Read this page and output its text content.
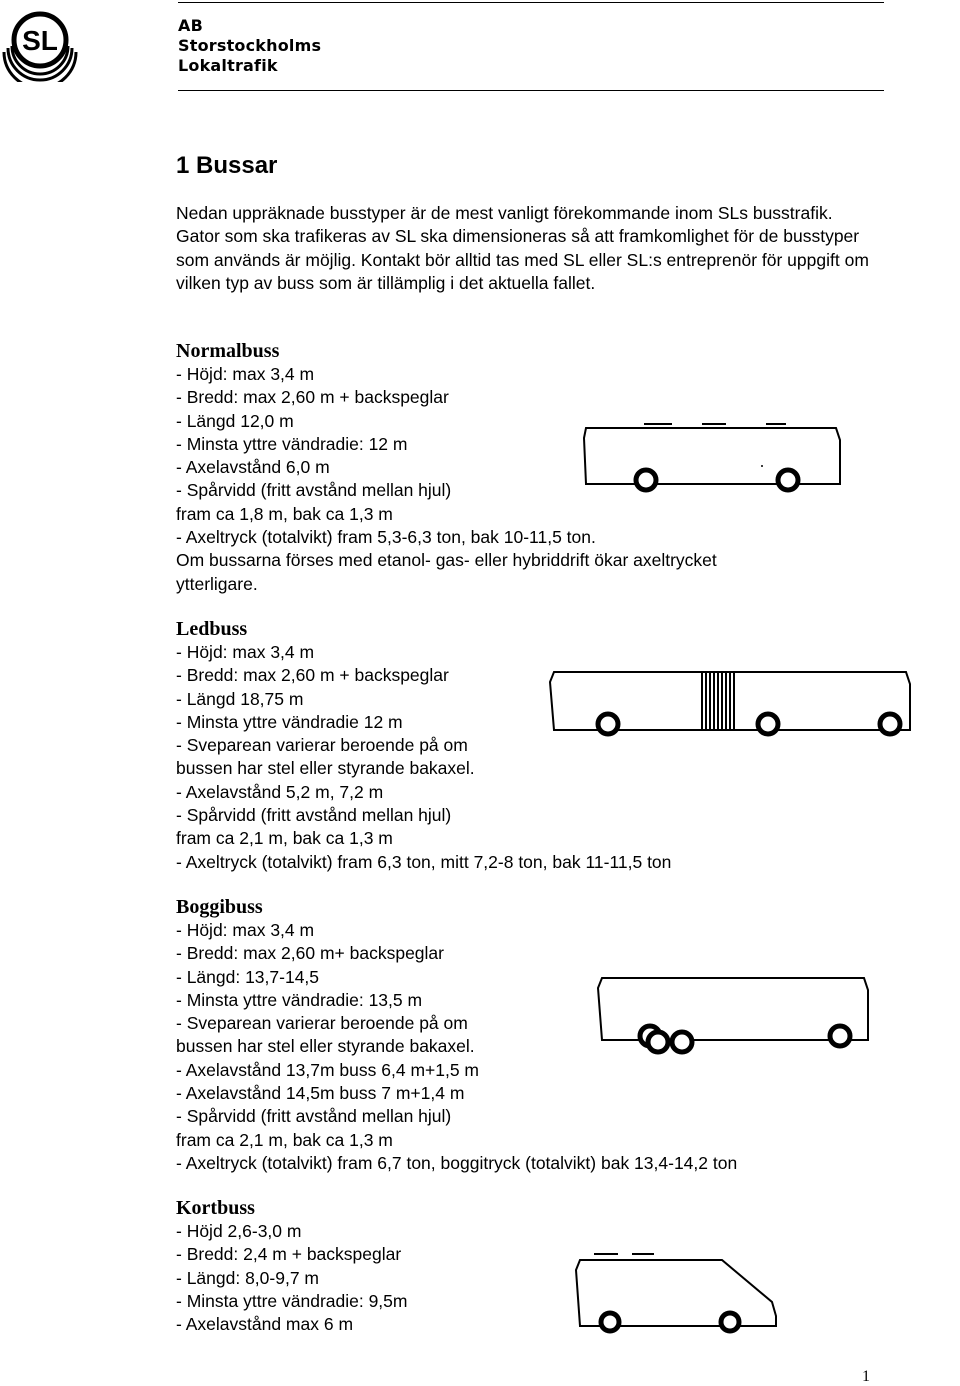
SL	AB
Storstockholms
Lokaltrafik
1 Bussar

Nedan uppräknade busstyper är de mest vanligt förekommande inom SLs busstrafik. Gator som ska trafikeras av SL ska dimensioneras så att framkomlighet för de busstyper som används är möjlig. Kontakt bör alltid tas med SL eller SL:s entreprenör för uppgift om vilken typ av buss som är tillämplig i det aktuella fallet.

Normalbuss
- Höjd: max 3,4 m
- Bredd: max 2,60 m + backspeglar
- Längd 12,0 m
- Minsta yttre vändradie: 12 m
- Axelavstånd 6,0 m
- Spårvidd (fritt avstånd mellan hjul)
fram ca 1,8 m, bak ca 1,3 m
- Axeltryck (totalvikt) fram 5,3-6,3 ton, bak 10-11,5 ton.
Om bussarna förses med etanol- gas- eller hybriddrift ökar axeltrycket
ytterligare.
Ledbuss
- Höjd: max 3,4 m
- Bredd: max 2,60 m + backspeglar
- Längd 18,75 m
- Minsta yttre vändradie 12 m
- Sveparean varierar beroende på om
bussen har stel eller styrande bakaxel.
- Axelavstånd 5,2 m, 7,2 m
- Spårvidd (fritt avstånd mellan hjul)
fram ca 2,1 m, bak ca 1,3 m
- Axeltryck (totalvikt) fram 6,3 ton, mitt 7,2-8 ton, bak 11-11,5 ton
Boggibuss
- Höjd: max 3,4 m
- Bredd: max 2,60 m+ backspeglar
- Längd: 13,7-14,5
- Minsta yttre vändradie: 13,5 m
- Sveparean varierar beroende på om
bussen har stel eller styrande bakaxel.
- Axelavstånd 13,7m buss 6,4 m+1,5 m
- Axelavstånd 14,5m buss 7 m+1,4 m
- Spårvidd (fritt avstånd mellan hjul)
fram ca 2,1 m, bak ca 1,3 m
- Axeltryck (totalvikt) fram 6,7 ton, boggitryck (totalvikt) bak 13,4-14,2 ton
Kortbuss
- Höjd 2,6-3,0 m
- Bredd: 2,4 m + backspeglar
- Längd: 8,0-9,7 m
- Minsta yttre vändradie: 9,5m
- Axelavstånd max 6 m
1
